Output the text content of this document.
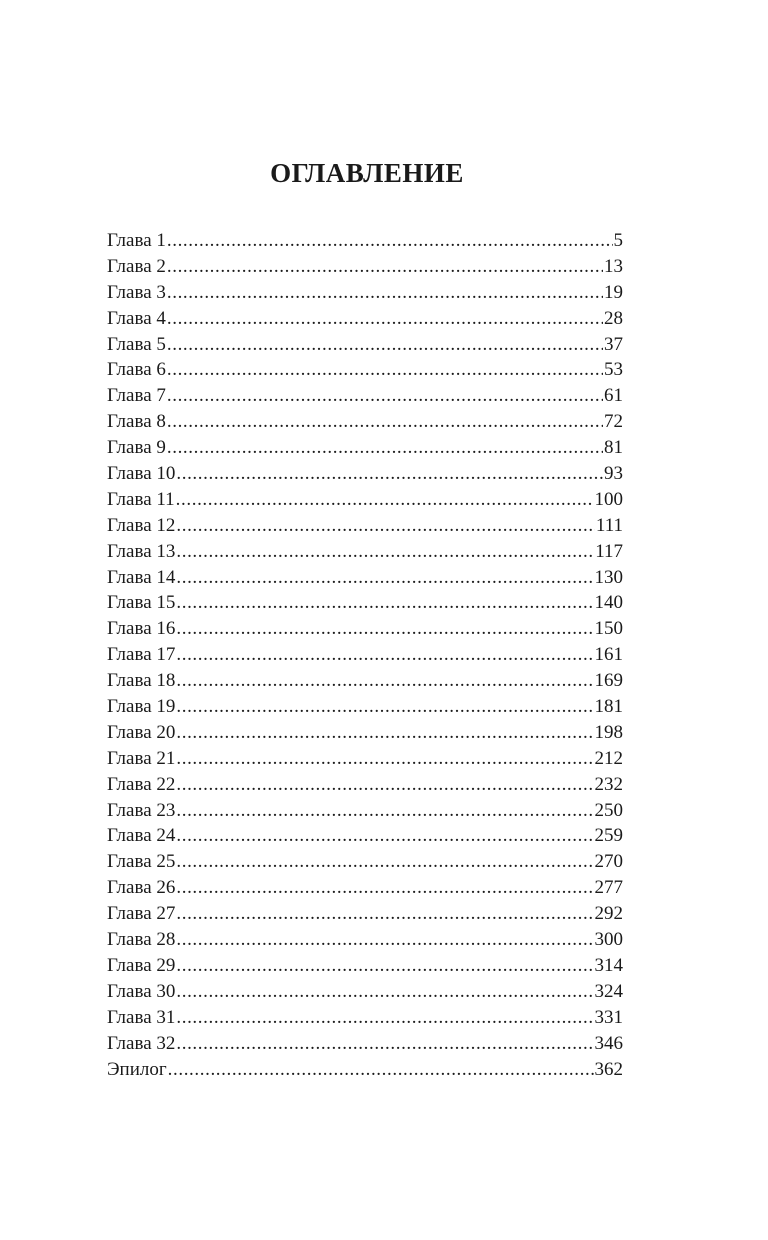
ОГЛАВЛЕНИЕ
Глава 1 .....	5
Глава 2 .....	13
Глава 3 .....	19
Глава 4 .....	28
Глава 5 .....	37
Глава 6 .....	53
Глава 7 .....	61
Глава 8 .....	72
Глава 9 .....	81
Глава 10 .....	93
Глава 11 .....	100
Глава 12 .....	111
Глава 13 .....	117
Глава 14 .....	130
Глава 15 .....	140
Глава 16 .....	150
Глава 17 .....	161
Глава 18 .....	169
Глава 19 .....	181
Глава 20 .....	198
Глава 21 .....	212
Глава 22 .....	232
Глава 23 .....	250
Глава 24 .....	259
Глава 25 .....	270
Глава 26 .....	277
Глава 27 .....	292
Глава 28 .....	300
Глава 29 .....	314
Глава 30 .....	324
Глава 31 .....	331
Глава 32 .....	346
Эпилог .....	362
